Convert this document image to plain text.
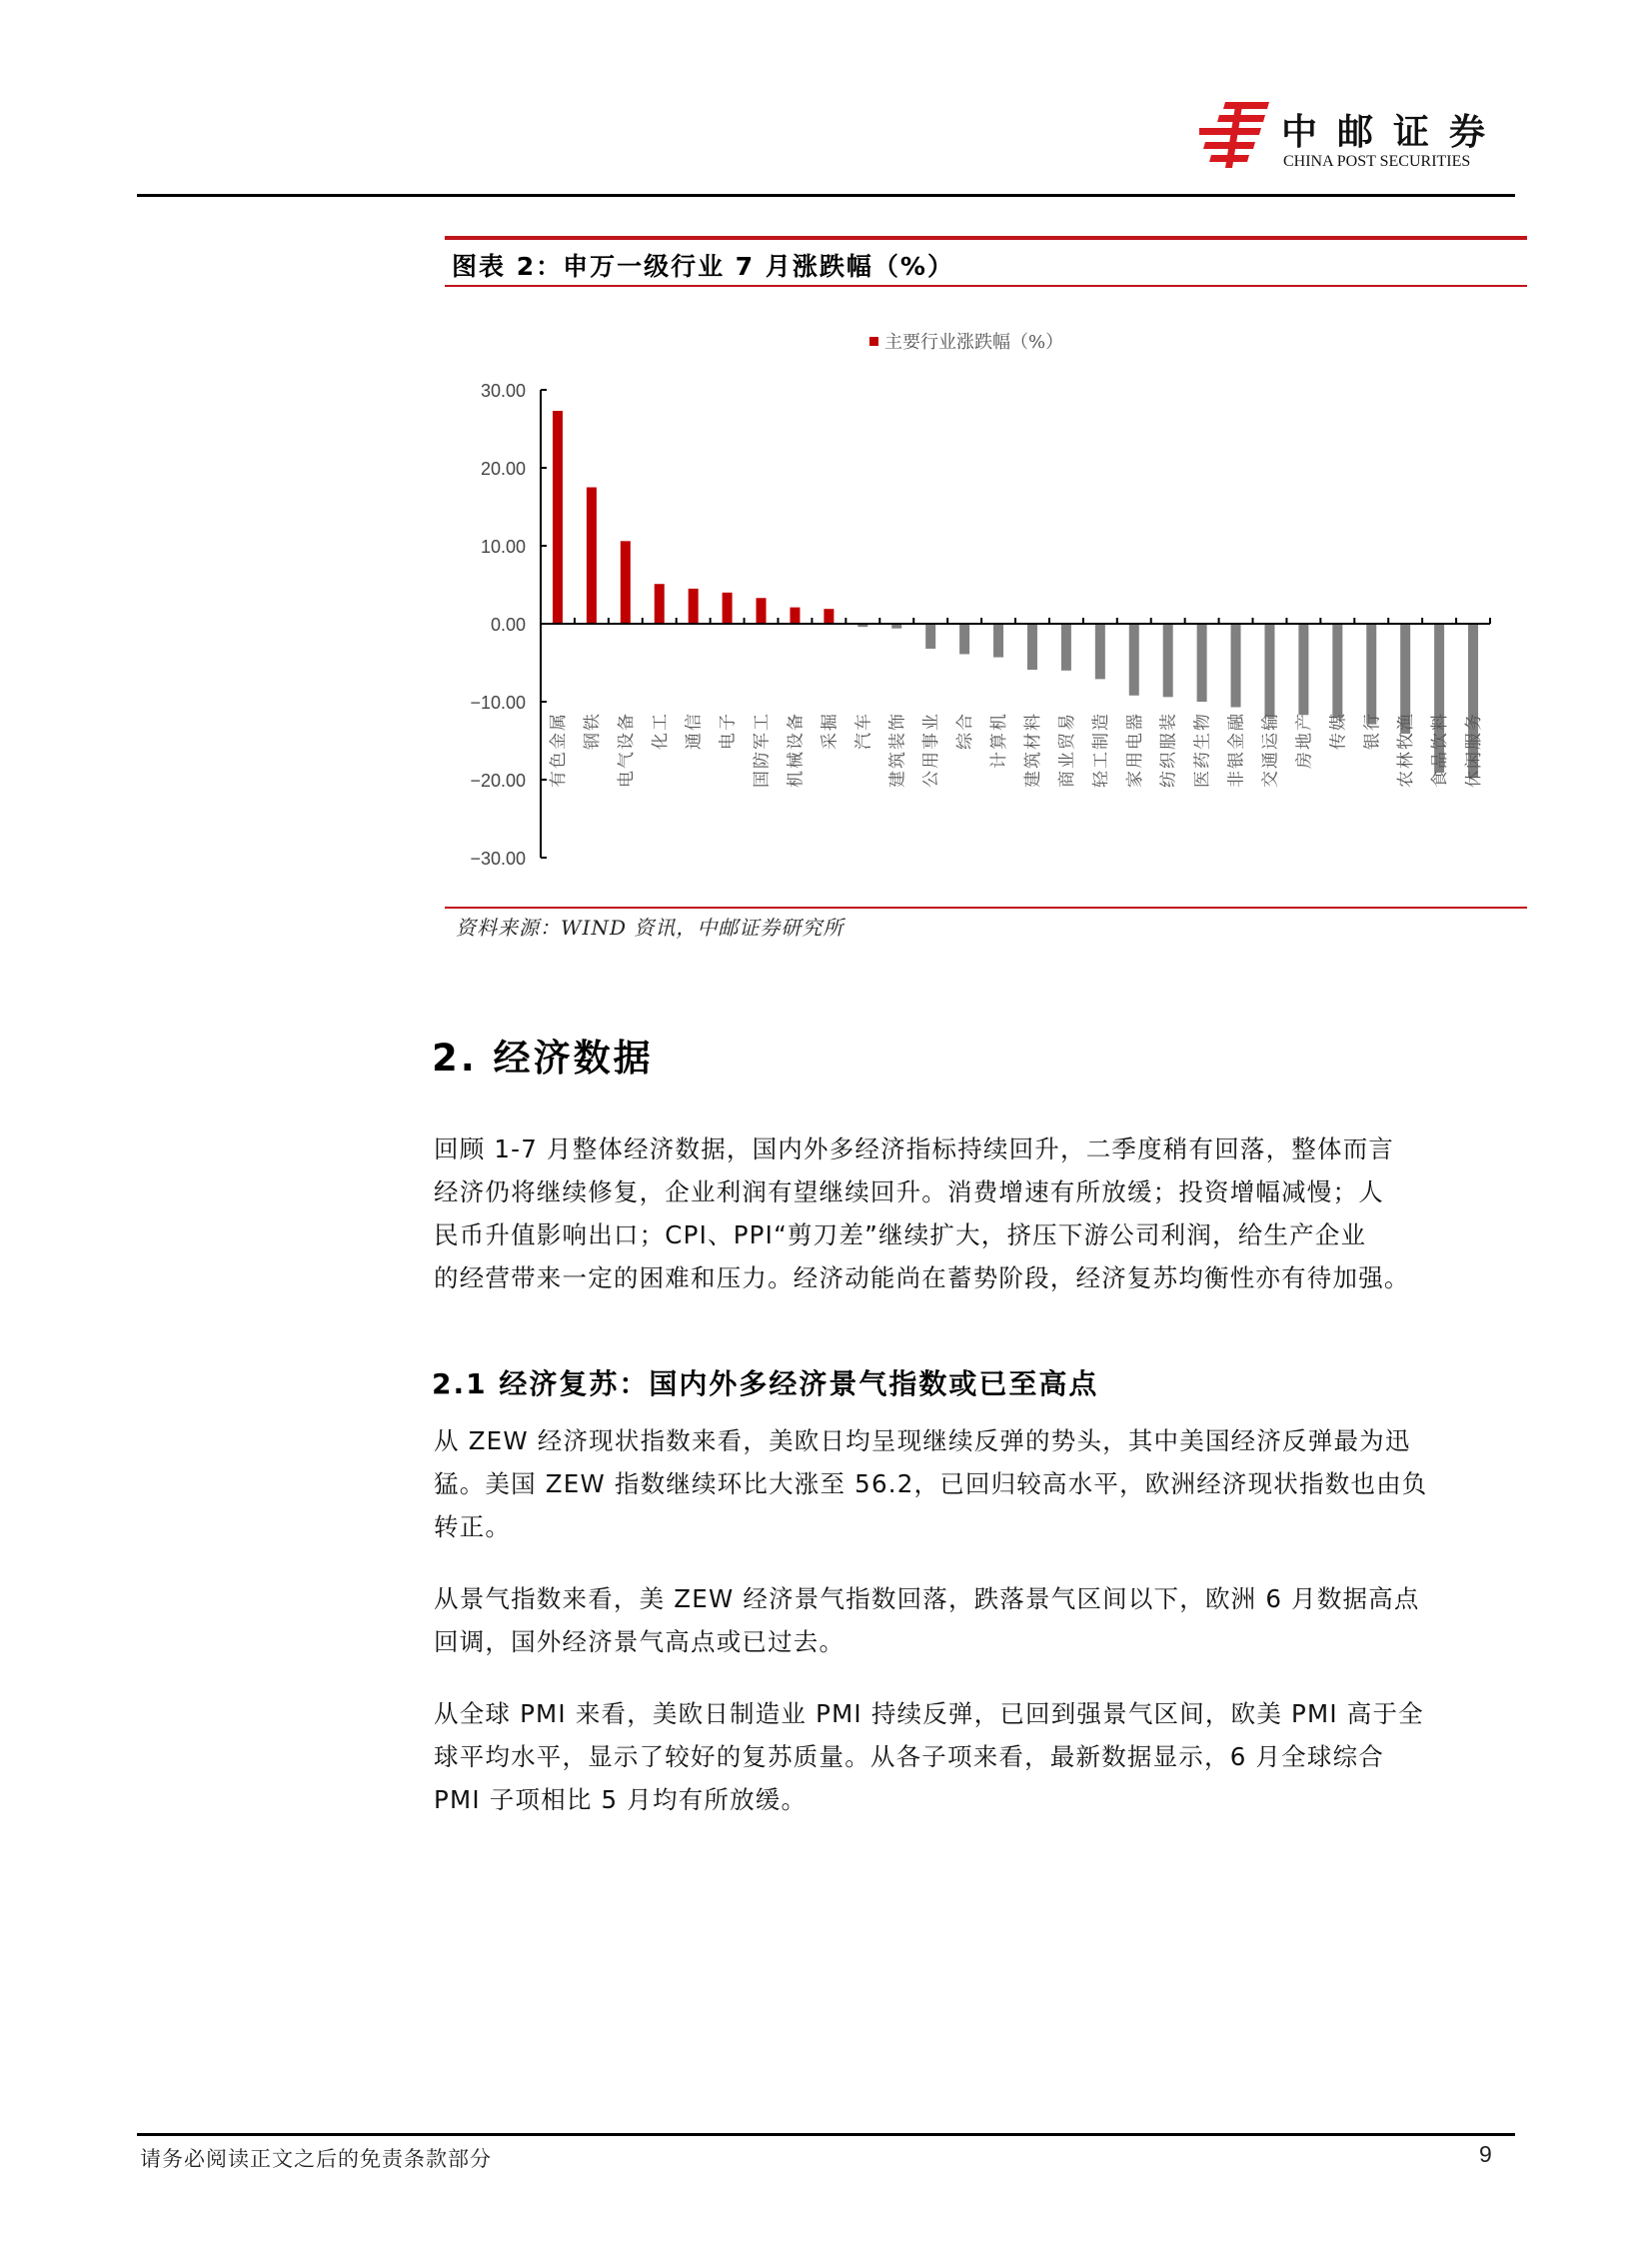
中邮证券
CHINA POST SECURITIES
图表 2：申万一级行业 7 月涨跌幅（%）
主要行业涨跌幅（%）
30.00
20.00
10.00
0.00
−10.00
−20.00
−30.00
有色金属 钢铁 电气设备 化工 通信 电子 国防军工 机械设备 采掘 汽车 建筑装饰 公用事业 综合 计算机 建筑材料 商业贸易 轻工制造 家用电器 纺织服装 医药生物 非银金融 交通运输 房地产 传媒 银行 农林牧渔 食品饮料 休闲服务
资料来源：WIND 资讯，中邮证券研究所
2. 经济数据
回顾 1-7 月整体经济数据，国内外多经济指标持续回升，二季度稍有回落，整体而言
经济仍将继续修复，企业利润有望继续回升。消费增速有所放缓；投资增幅减慢；人
民币升值影响出口；CPI、PPI“剪刀差”继续扩大，挤压下游公司利润，给生产企业
的经营带来一定的困难和压力。经济动能尚在蓄势阶段，经济复苏均衡性亦有待加强。
2.1 经济复苏：国内外多经济景气指数或已至高点
从 ZEW 经济现状指数来看，美欧日均呈现继续反弹的势头，其中美国经济反弹最为迅
猛。美国 ZEW 指数继续环比大涨至 56.2，已回归较高水平，欧洲经济现状指数也由负
转正。
从景气指数来看，美 ZEW 经济景气指数回落，跌落景气区间以下，欧洲 6 月数据高点
回调，国外经济景气高点或已过去。
从全球 PMI 来看，美欧日制造业 PMI 持续反弹，已回到强景气区间，欧美 PMI 高于全
球平均水平，显示了较好的复苏质量。从各子项来看，最新数据显示，6 月全球综合
PMI 子项相比 5 月均有所放缓。
请务必阅读正文之后的免责条款部分	9
